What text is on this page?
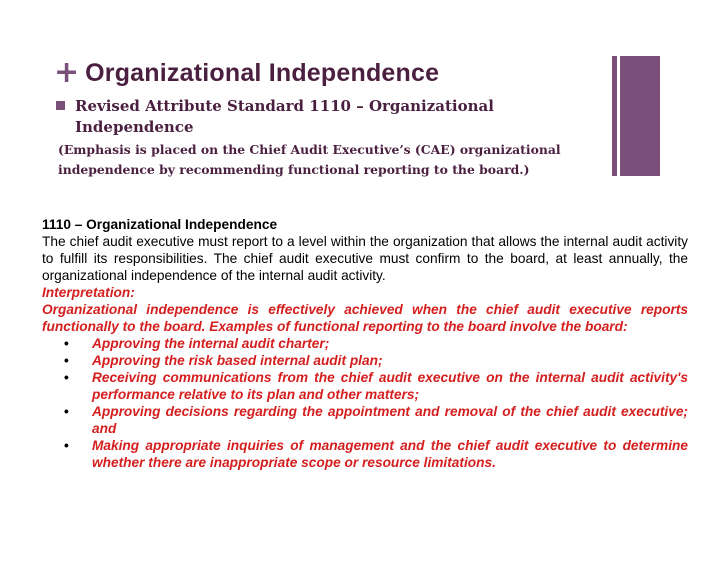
+ Organizational Independence
Revised Attribute Standard 1110 – Organizational Independence
(Emphasis is placed on the Chief Audit Executive’s (CAE) organizational independence by recommending functional reporting to the board.)
1110 – Organizational Independence
The chief audit executive must report to a level within the organization that allows the internal audit activity to fulfill its responsibilities. The chief audit executive must confirm to the board, at least annually, the organizational independence of the internal audit activity.
Interpretation:
Organizational independence is effectively achieved when the chief audit executive reports functionally to the board. Examples of functional reporting to the board involve the board:
• Approving the internal audit charter;
• Approving the risk based internal audit plan;
• Receiving communications from the chief audit executive on the internal audit activity's performance relative to its plan and other matters;
• Approving decisions regarding the appointment and removal of the chief audit executive; and
• Making appropriate inquiries of management and the chief audit executive to determine whether there are inappropriate scope or resource limitations.
